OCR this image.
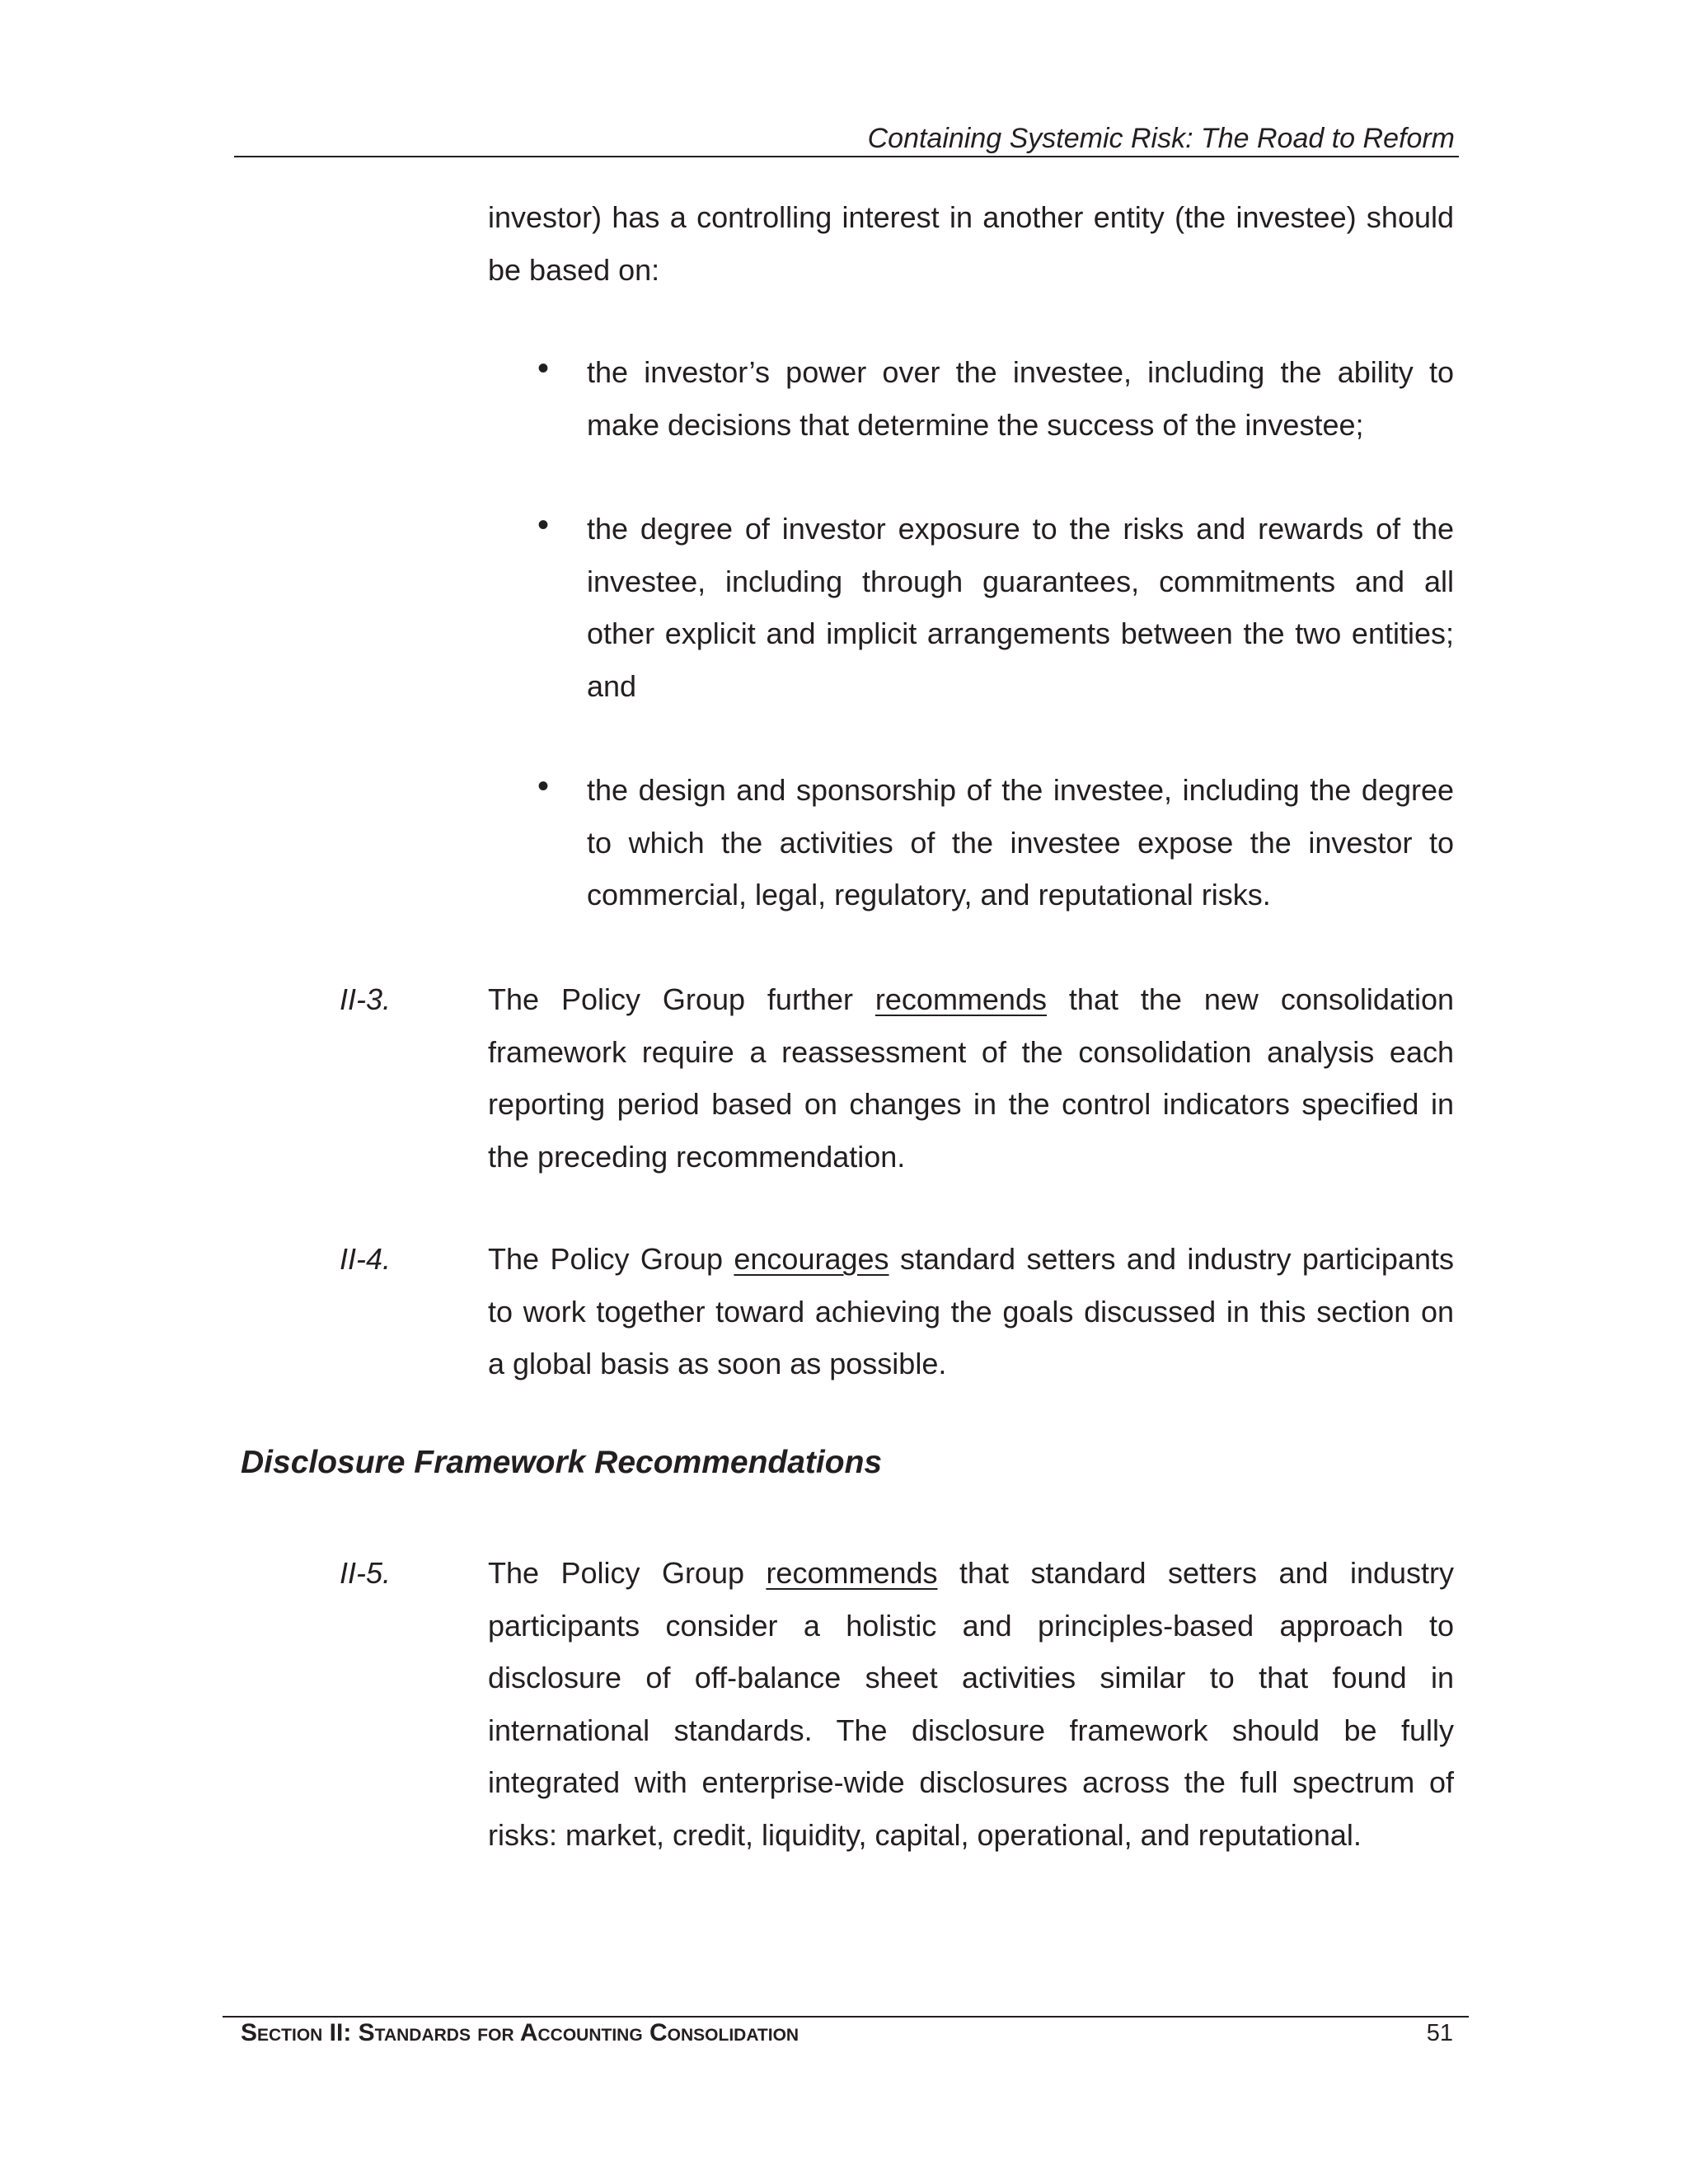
Containing Systemic Risk: The Road to Reform
investor) has a controlling interest in another entity (the investee) should be based on:
• the investor’s power over the investee, including the ability to make decisions that determine the success of the investee;
• the degree of investor exposure to the risks and rewards of the investee, including through guarantees, commitments and all other explicit and implicit arrangements between the two entities; and
• the design and sponsorship of the investee, including the degree to which the activities of the investee expose the investor to commercial, legal, regulatory, and reputational risks.
II-3.	The Policy Group further recommends that the new consolidation framework require a reassessment of the consolidation analysis each reporting period based on changes in the control indicators specified in the preceding recommendation.
II-4.	The Policy Group encourages standard setters and industry participants to work together toward achieving the goals discussed in this section on a global basis as soon as possible.
Disclosure Framework Recommendations
II-5.	The Policy Group recommends that standard setters and industry participants consider a holistic and principles-based approach to disclosure of off-balance sheet activities similar to that found in international standards. The disclosure framework should be fully integrated with enterprise-wide disclosures across the full spectrum of risks: market, credit, liquidity, capital, operational, and reputational.
Section II: Standards for Accounting Consolidation	51
